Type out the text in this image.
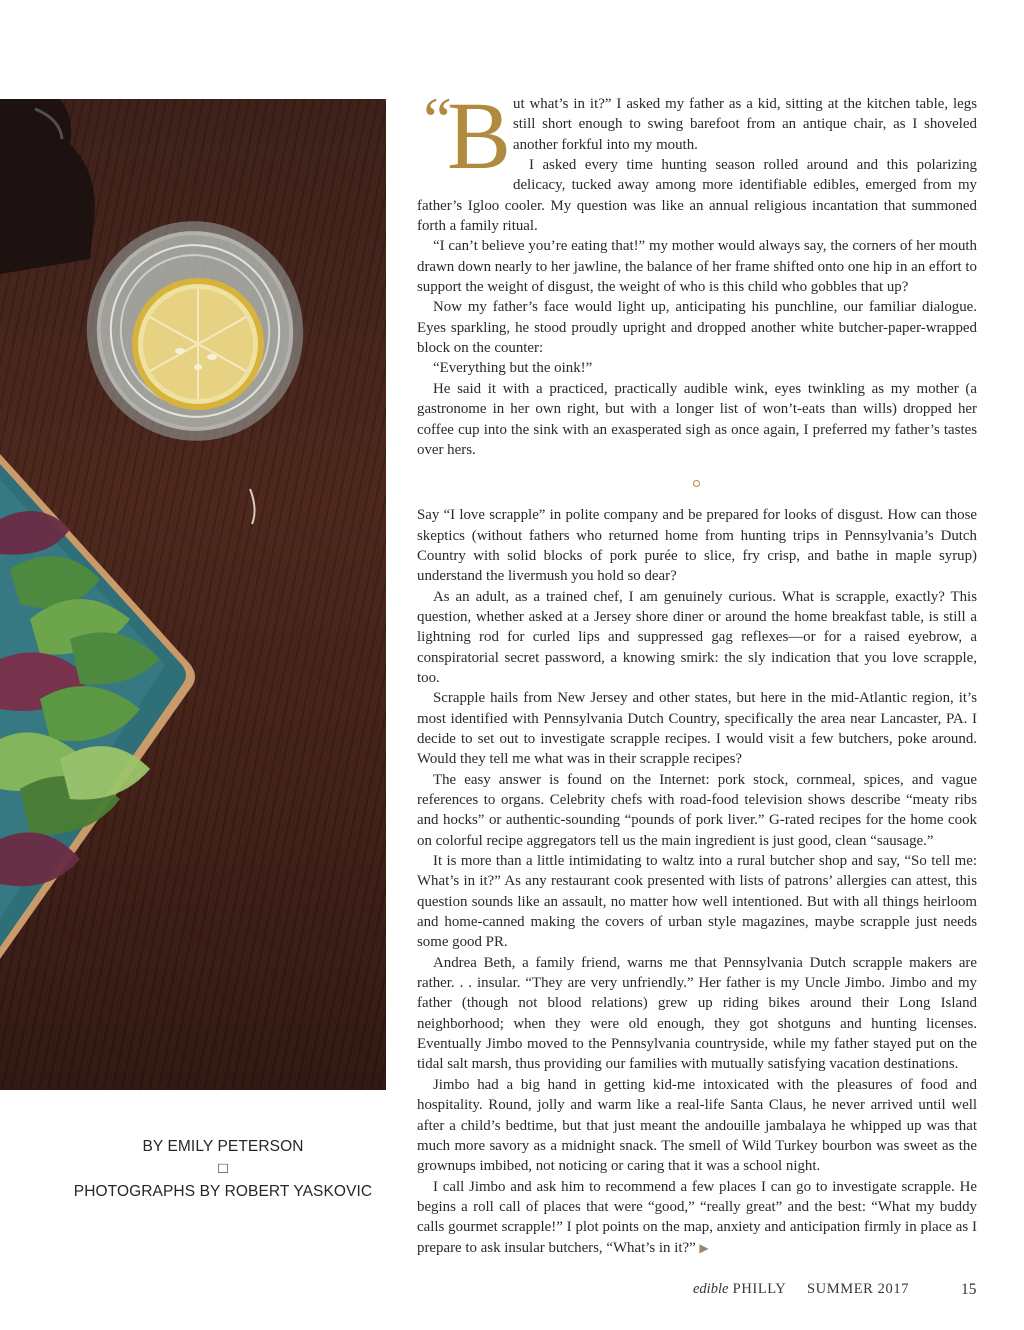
BY EMILY PETERSON
□
PHOTOGRAPHS BY ROBERT YASKOVIC
“
B ut what’s in it?” I asked my father as a kid, sitting at the kitchen table, legs still short enough to swing barefoot from an antique chair, as I shoveled another forkful into my mouth.

I asked every time hunting season rolled around and this polarizing delicacy, tucked away among more identifiable edibles, emerged from my father’s Igloo cooler. My question was like an annual religious incantation that summoned forth a family ritual.

“I can’t believe you’re eating that!” my mother would always say, the corners of her mouth drawn down nearly to her jawline, the balance of her frame shifted onto one hip in an effort to support the weight of disgust, the weight of who is this child who gobbles that up?

Now my father’s face would light up, anticipating his punchline, our familiar dialogue. Eyes sparkling, he stood proudly upright and dropped another white butcher-paper-wrapped block on the counter:

“Everything but the oink!”

He said it with a practiced, practically audible wink, eyes twinkling as my mother (a gastronome in her own right, but with a longer list of won’t-eats than wills) dropped her coffee cup into the sink with an exasperated sigh as once again, I preferred my father’s tastes over hers.

Say “I love scrapple” in polite company and be prepared for looks of disgust. How can those skeptics (without fathers who returned home from hunting trips in Pennsylvania’s Dutch Country with solid blocks of pork purée to slice, fry crisp, and bathe in maple syrup) understand the livermush you hold so dear?

As an adult, as a trained chef, I am genuinely curious. What is scrapple, exactly? This question, whether asked at a Jersey shore diner or around the home breakfast table, is still a lightning rod for curled lips and suppressed gag reflexes—or for a raised eyebrow, a conspiratorial secret password, a knowing smirk: the sly indication that you love scrapple, too.

Scrapple hails from New Jersey and other states, but here in the mid-Atlantic region, it’s most identified with Pennsylvania Dutch Country, specifically the area near Lancaster, PA. I decide to set out to investigate scrapple recipes. I would visit a few butchers, poke around. Would they tell me what was in their scrapple recipes?

The easy answer is found on the Internet: pork stock, cornmeal, spices, and vague references to organs. Celebrity chefs with road-food television shows describe “meaty ribs and hocks” or authentic-sounding “pounds of pork liver.” G-rated recipes for the home cook on colorful recipe aggregators tell us the main ingredient is just good, clean “sausage.”

It is more than a little intimidating to waltz into a rural butcher shop and say, “So tell me: What’s in it?” As any restaurant cook presented with lists of patrons’ allergies can attest, this question sounds like an assault, no matter how well intentioned. But with all things heirloom and home-canned making the covers of urban style magazines, maybe scrapple just needs some good PR.

Andrea Beth, a family friend, warns me that Pennsylvania Dutch scrapple makers are rather. . . insular. “They are very unfriendly.” Her father is my Uncle Jimbo. Jimbo and my father (though not blood relations) grew up riding bikes around their Long Island neighborhood; when they were old enough, they got shotguns and hunting licenses. Eventually Jimbo moved to the Pennsylvania countryside, while my father stayed put on the tidal salt marsh, thus providing our families with mutually satisfying vacation destinations.

Jimbo had a big hand in getting kid-me intoxicated with the pleasures of food and hospitality. Round, jolly and warm like a real-life Santa Claus, he never arrived until well after a child’s bedtime, but that just meant the andouille jambalaya he whipped up was that much more savory as a midnight snack. The smell of Wild Turkey bourbon was sweet as the grownups imbibed, not noticing or caring that it was a school night.

I call Jimbo and ask him to recommend a few places I can go to investigate scrapple. He begins a roll call of places that were “good,” “really great” and the best: “What my buddy calls gourmet scrapple!” I plot points on the map, anxiety and anticipation firmly in place as I prepare to ask insular butchers, “What’s in it?” ▶

edible PHILLY SUMMER 2017	15
